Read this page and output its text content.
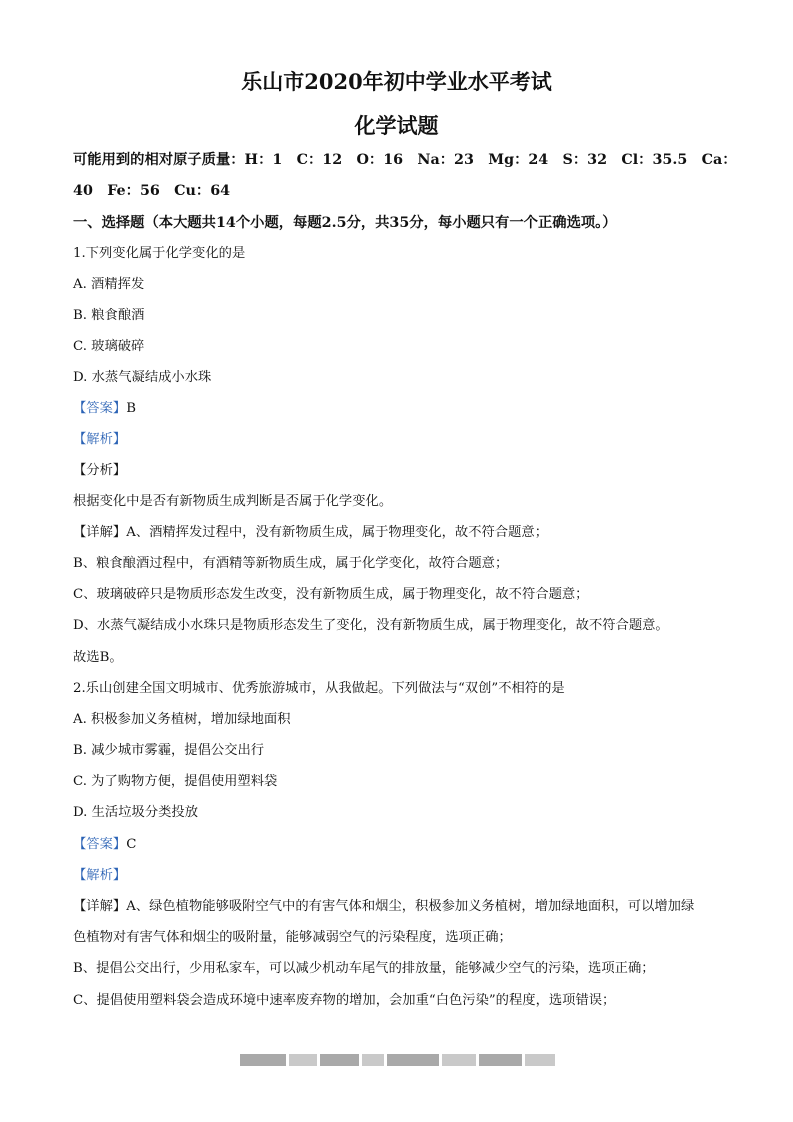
乐山市2020年初中学业水平考试
化学试题
可能用到的相对原子质量：H：1　C：12　O：16　Na：23　Mg：24　S：32　Cl：35.5　Ca：
40　Fe：56　Cu：64
一、选择题（本大题共14个小题，每题2.5分，共35分，每小题只有一个正确选项。）
1.下列变化属于化学变化的是
A. 酒精挥发
B. 粮食酿酒
C. 玻璃破碎
D. 水蒸气凝结成小水珠
【答案】B
【解析】
【分析】
根据变化中是否有新物质生成判断是否属于化学变化。
【详解】A、酒精挥发过程中，没有新物质生成，属于物理变化，故不符合题意；
B、粮食酿酒过程中，有酒精等新物质生成，属于化学变化，故符合题意；
C、玻璃破碎只是物质形态发生改变，没有新物质生成，属于物理变化，故不符合题意；
D、水蒸气凝结成小水珠只是物质形态发生了变化，没有新物质生成，属于物理变化，故不符合题意。
故选B。
2.乐山创建全国文明城市、优秀旅游城市，从我做起。下列做法与“双创”不相符的是
A. 积极参加义务植树，增加绿地面积
B. 减少城市雾霾，提倡公交出行
C. 为了购物方便，提倡使用塑料袋
D. 生活垃圾分类投放
【答案】C
【解析】
【详解】A、绿色植物能够吸附空气中的有害气体和烟尘，积极参加义务植树，增加绿地面积，可以增加绿
色植物对有害气体和烟尘的吸附量，能够减弱空气的污染程度，选项正确；
B、提倡公交出行，少用私家车，可以减少机动车尾气的排放量，能够减少空气的污染，选项正确；
C、提倡使用塑料袋会造成环境中速率废弃物的增加，会加重“白色污染”的程度，选项错误；
